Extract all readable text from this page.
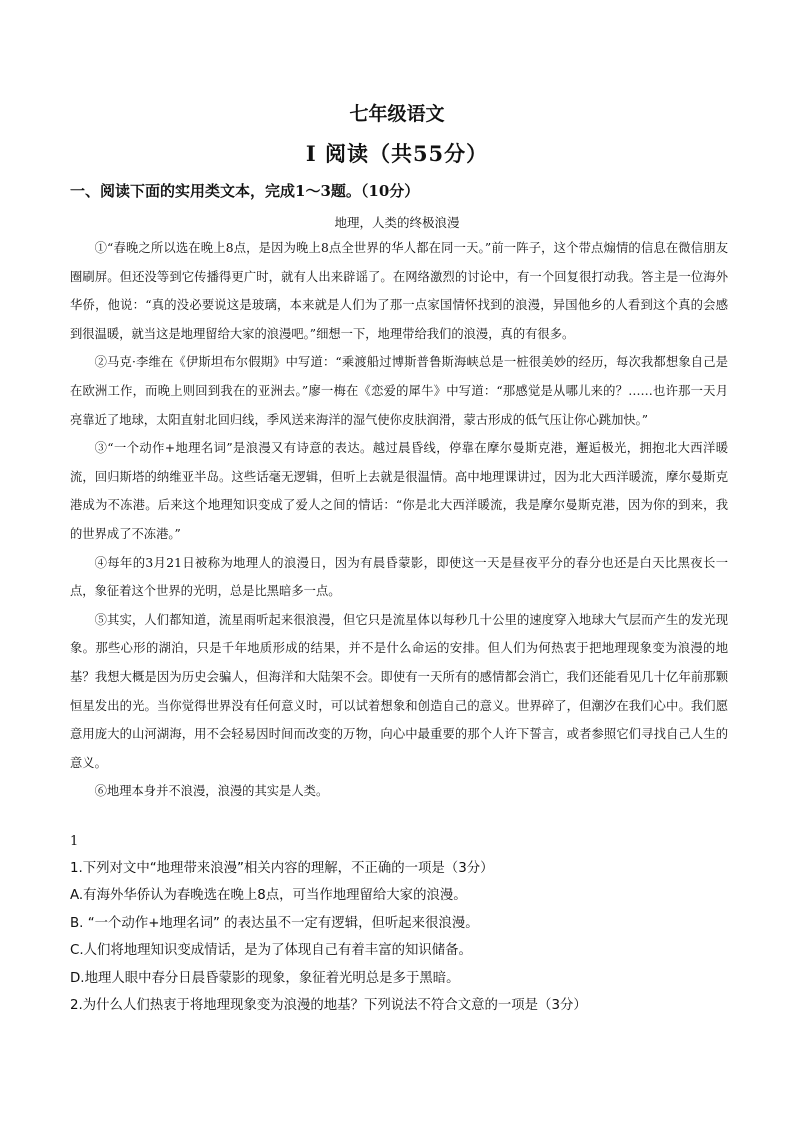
七年级语文
Ⅰ 阅读（共55分）
一、阅读下面的实用类文本，完成1～3题。（10分）
地理，人类的终极浪漫

①“春晚之所以选在晚上8点，是因为晚上8点全世界的华人都在同一天。”前一阵子，这个带点煽情的信息在微信朋友圈刷屏。但还没等到它传播得更广时，就有人出来辟谣了。在网络激烈的讨论中，有一个回复很打动我。答主是一位海外华侨，他说：“真的没必要说这是玻璃，本来就是人们为了那一点家国情怀找到的浪漫，异国他乡的人看到这个真的会感到很温暖，就当这是地理留给大家的浪漫吧。”细想一下，地理带给我们的浪漫，真的有很多。

②马克·李维在《伊斯坦布尔假期》中写道：“乘渡船过博斯普鲁斯海峡总是一桩很美妙的经历，每次我都想象自己是在欧洲工作，而晚上则回到我在的亚洲去。”廖一梅在《恋爱的犀牛》中写道：“那感觉是从哪儿来的？……也许那一天月亮靠近了地球，太阳直射北回归线，季风送来海洋的湿气使你皮肤润滑，蒙古形成的低气压让你心跳加快。”

③“一个动作+地理名词”是浪漫又有诗意的表达。越过晨昏线，停靠在摩尔曼斯克港，邂逅极光，拥抱北大西洋暖流，回归斯塔的纳维亚半岛。这些话毫无逻辑，但听上去就是很温情。高中地理课讲过，因为北大西洋暖流，摩尔曼斯克港成为不冻港。后来这个地理知识变成了爱人之间的情话：“你是北大西洋暖流，我是摩尔曼斯克港，因为你的到来，我的世界成了不冻港。”

④每年的3月21日被称为地理人的浪漫日，因为有晨昏蒙影，即使这一天是昼夜平分的春分也还是白天比黑夜长一点，象征着这个世界的光明，总是比黑暗多一点。

⑤其实，人们都知道，流星雨听起来很浪漫，但它只是流星体以每秒几十公里的速度穿入地球大气层而产生的发光现象。那些心形的湖泊，只是千年地质形成的结果，并不是什么命运的安排。但人们为何热衷于把地理现象变为浪漫的地基？我想大概是因为历史会骗人，但海洋和大陆架不会。即使有一天所有的感情都会消亡，我们还能看见几十亿年前那颗恒星发出的光。当你觉得世界没有任何意义时，可以试着想象和创造自己的意义。世界碎了，但潮汐在我们心中。我们愿意用庞大的山河湖海，用不会轻易因时间而改变的万物，向心中最重要的那个人许下誓言，或者参照它们寻找自己人生的意义。

⑥地理本身并不浪漫，浪漫的其实是人类。

1
1.下列对文中“地理带来浪漫”相关内容的理解，不正确的一项是（3分）
A.有海外华侨认为春晚选在晚上8点，可当作地理留给大家的浪漫。
B. “一个动作+地理名词” 的表达虽不一定有逻辑，但听起来很浪漫。
C.人们将地理知识变成情话，是为了体现自己有着丰富的知识储备。
D.地理人眼中春分日晨昏蒙影的现象，象征着光明总是多于黑暗。
2.为什么人们热衷于将地理现象变为浪漫的地基？下列说法不符合文意的一项是（3分）
